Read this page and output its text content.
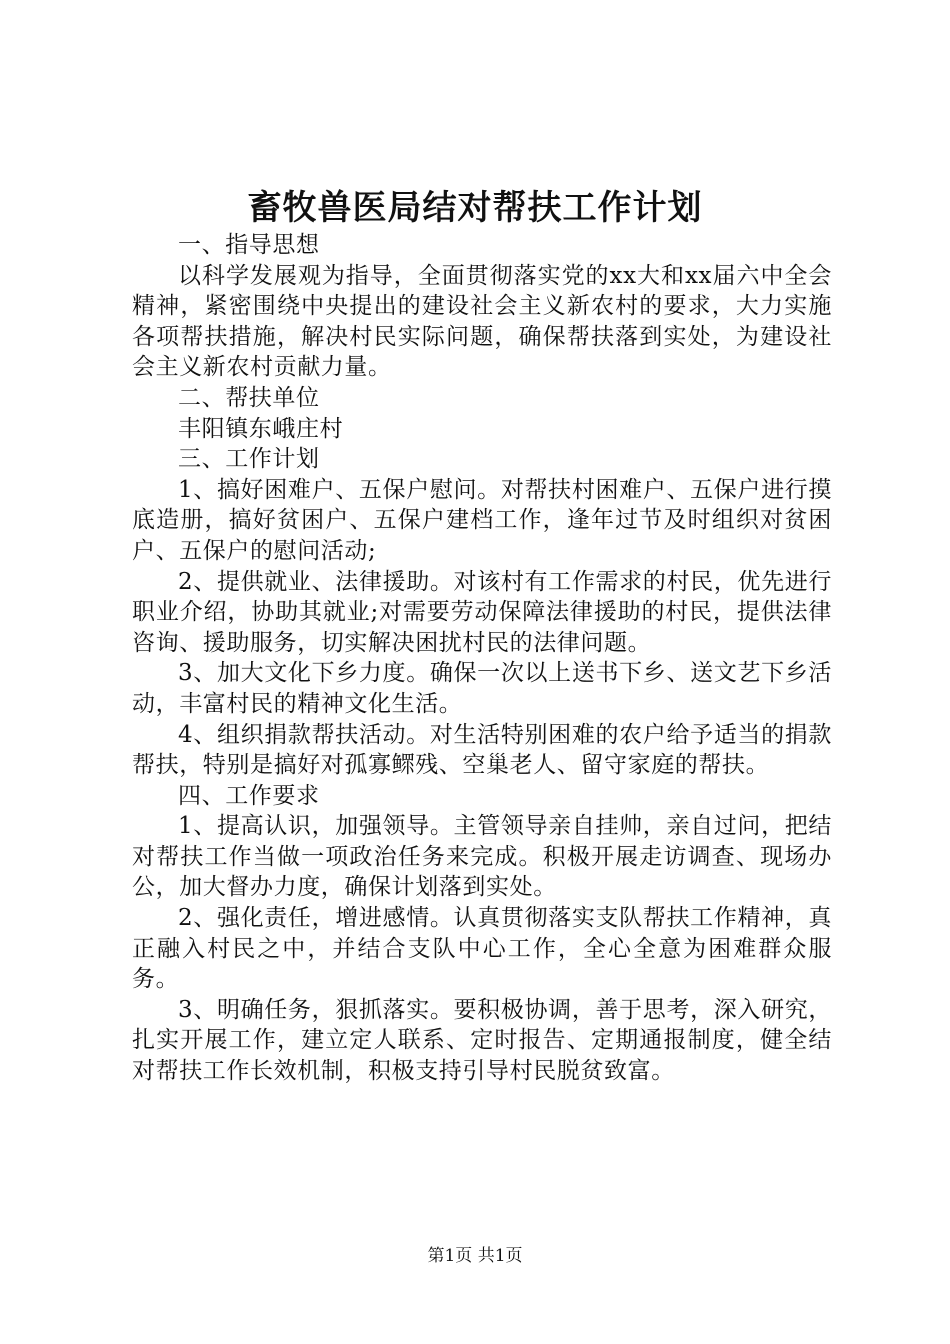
畜牧兽医局结对帮扶工作计划

一、指导思想

以科学发展观为指导，全面贯彻落实党的xx大和xx届六中全会精神，紧密围绕中央提出的建设社会主义新农村的要求，大力实施各项帮扶措施，解决村民实际问题，确保帮扶落到实处，为建设社会主义新农村贡献力量。

二、帮扶单位

丰阳镇东峨庄村

三、工作计划

1、搞好困难户、五保户慰问。对帮扶村困难户、五保户进行摸底造册，搞好贫困户、五保户建档工作，逢年过节及时组织对贫困户、五保户的慰问活动;

2、提供就业、法律援助。对该村有工作需求的村民，优先进行职业介绍，协助其就业;对需要劳动保障法律援助的村民，提供法律咨询、援助服务，切实解决困扰村民的法律问题。

3、加大文化下乡力度。确保一次以上送书下乡、送文艺下乡活动，丰富村民的精神文化生活。

4、组织捐款帮扶活动。对生活特别困难的农户给予适当的捐款帮扶，特别是搞好对孤寡鳏残、空巢老人、留守家庭的帮扶。

四、工作要求

1、提高认识，加强领导。主管领导亲自挂帅，亲自过问，把结对帮扶工作当做一项政治任务来完成。积极开展走访调查、现场办公，加大督办力度，确保计划落到实处。

2、强化责任，增进感情。认真贯彻落实支队帮扶工作精神，真正融入村民之中，并结合支队中心工作，全心全意为困难群众服务。

3、明确任务，狠抓落实。要积极协调，善于思考，深入研究，扎实开展工作，建立定人联系、定时报告、定期通报制度，健全结对帮扶工作长效机制，积极支持引导村民脱贫致富。

第1页 共1页
